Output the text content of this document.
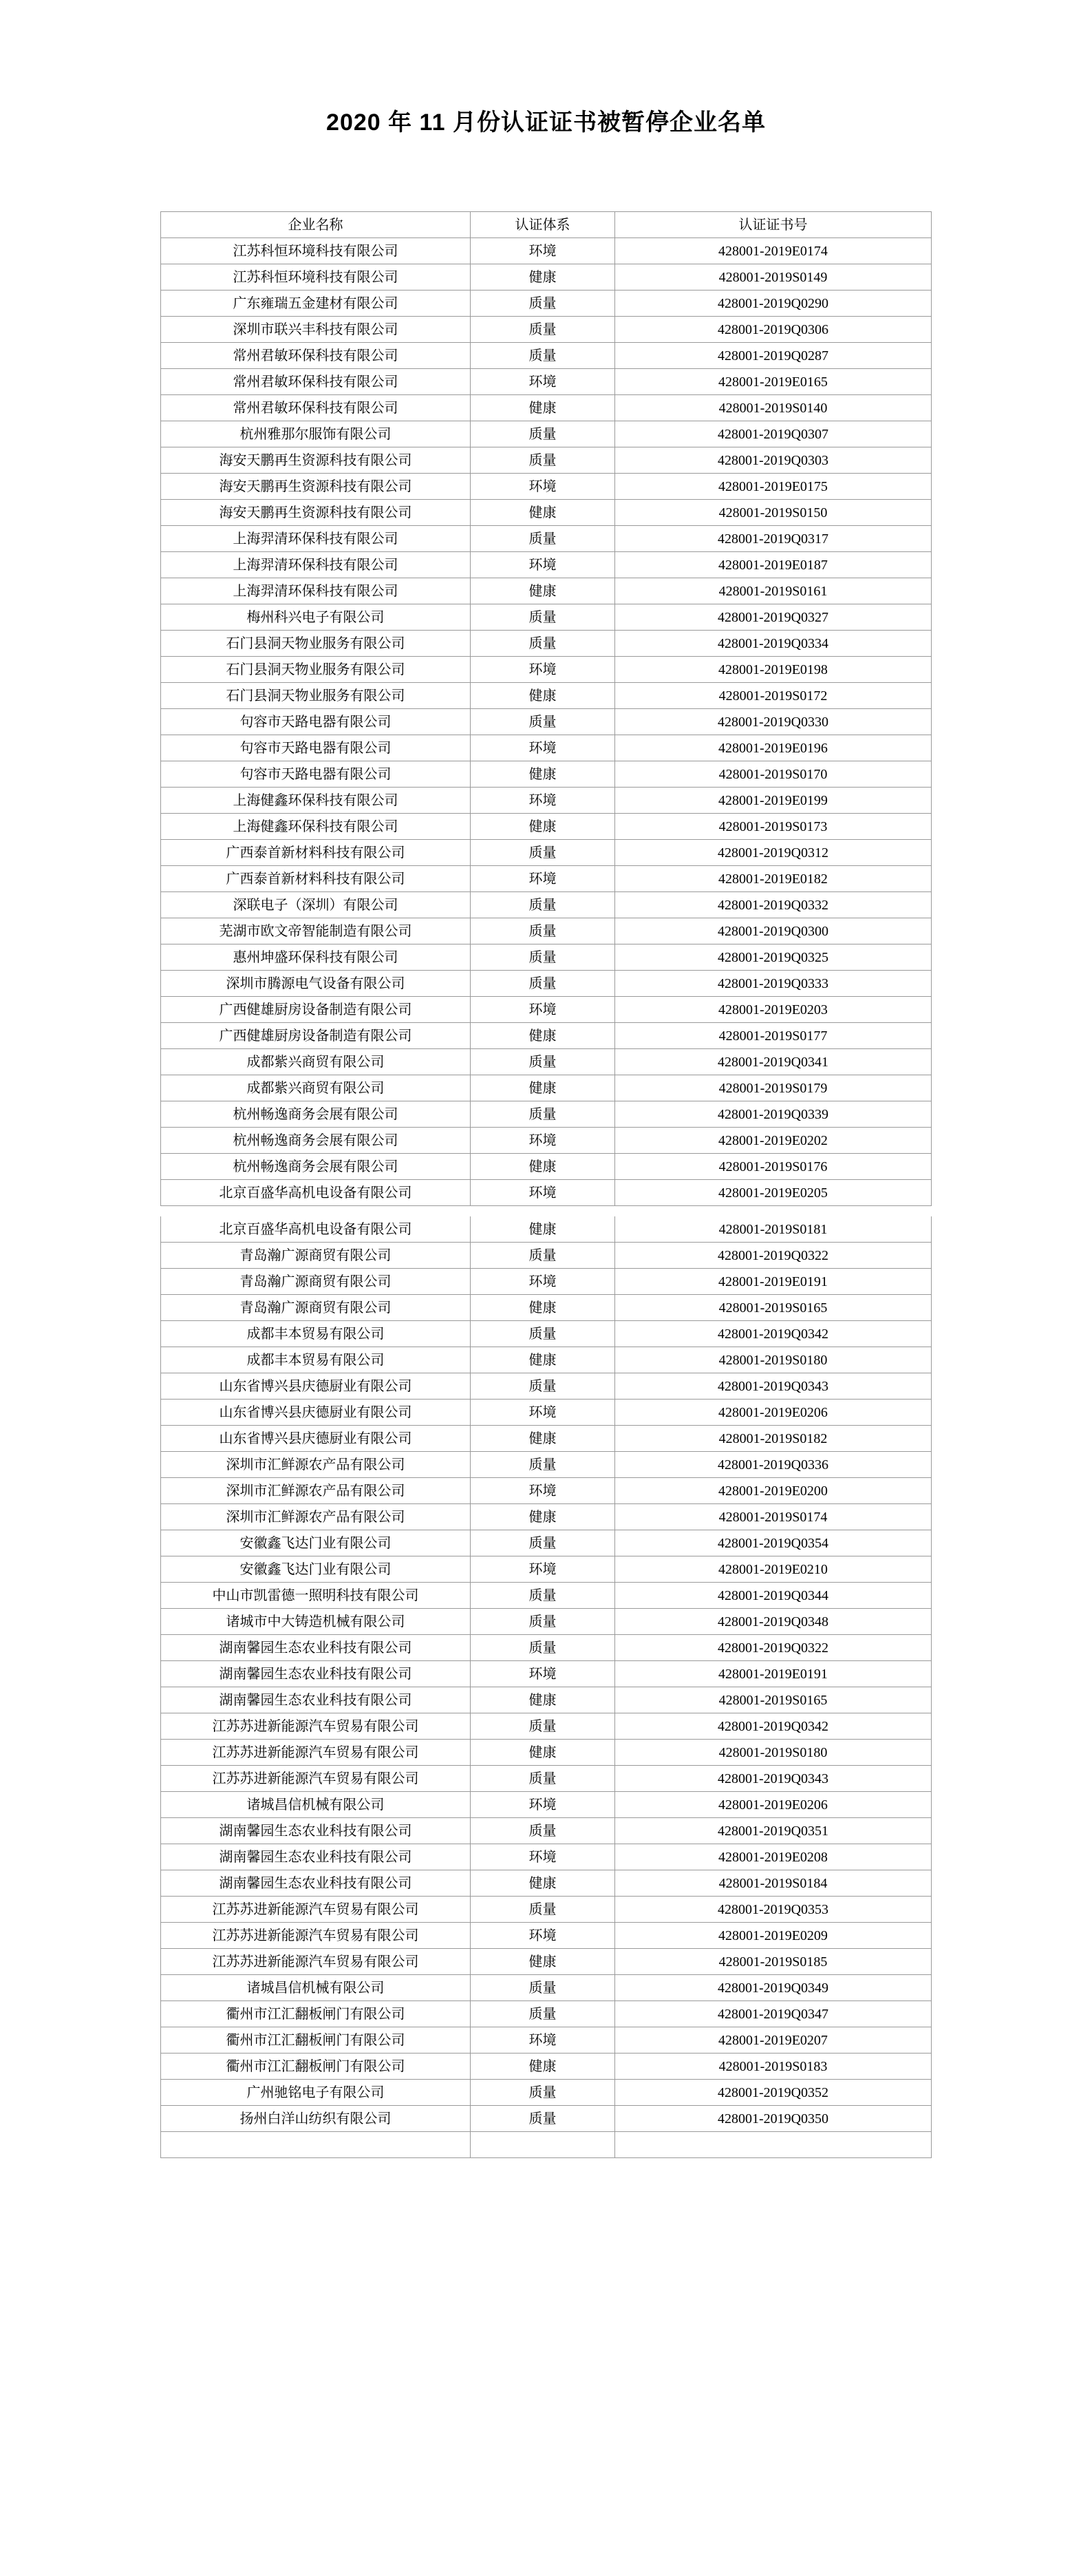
2020 年 11 月份认证证书被暂停企业名单
企业名称	认证体系	认证证书号
江苏科恒环境科技有限公司	环境	428001-2019E0174
江苏科恒环境科技有限公司	健康	428001-2019S0149
广东雍瑞五金建材有限公司	质量	428001-2019Q0290
深圳市联兴丰科技有限公司	质量	428001-2019Q0306
常州君敏环保科技有限公司	质量	428001-2019Q0287
常州君敏环保科技有限公司	环境	428001-2019E0165
常州君敏环保科技有限公司	健康	428001-2019S0140
杭州雅那尔服饰有限公司	质量	428001-2019Q0307
海安天鹏再生资源科技有限公司	质量	428001-2019Q0303
海安天鹏再生资源科技有限公司	环境	428001-2019E0175
海安天鹏再生资源科技有限公司	健康	428001-2019S0150
上海羿清环保科技有限公司	质量	428001-2019Q0317
上海羿清环保科技有限公司	环境	428001-2019E0187
上海羿清环保科技有限公司	健康	428001-2019S0161
梅州科兴电子有限公司	质量	428001-2019Q0327
石门县洞天物业服务有限公司	质量	428001-2019Q0334
石门县洞天物业服务有限公司	环境	428001-2019E0198
石门县洞天物业服务有限公司	健康	428001-2019S0172
句容市天路电器有限公司	质量	428001-2019Q0330
句容市天路电器有限公司	环境	428001-2019E0196
句容市天路电器有限公司	健康	428001-2019S0170
上海健鑫环保科技有限公司	环境	428001-2019E0199
上海健鑫环保科技有限公司	健康	428001-2019S0173
广西泰首新材料科技有限公司	质量	428001-2019Q0312
广西泰首新材料科技有限公司	环境	428001-2019E0182
深联电子（深圳）有限公司	质量	428001-2019Q0332
芜湖市欧文帝智能制造有限公司	质量	428001-2019Q0300
惠州坤盛环保科技有限公司	质量	428001-2019Q0325
深圳市腾源电气设备有限公司	质量	428001-2019Q0333
广西健雄厨房设备制造有限公司	环境	428001-2019E0203
广西健雄厨房设备制造有限公司	健康	428001-2019S0177
成都紫兴商贸有限公司	质量	428001-2019Q0341
成都紫兴商贸有限公司	健康	428001-2019S0179
杭州畅逸商务会展有限公司	质量	428001-2019Q0339
杭州畅逸商务会展有限公司	环境	428001-2019E0202
杭州畅逸商务会展有限公司	健康	428001-2019S0176
北京百盛华高机电设备有限公司	环境	428001-2019E0205

北京百盛华高机电设备有限公司	健康	428001-2019S0181
青岛瀚广源商贸有限公司	质量	428001-2019Q0322
青岛瀚广源商贸有限公司	环境	428001-2019E0191
青岛瀚广源商贸有限公司	健康	428001-2019S0165
成都丰本贸易有限公司	质量	428001-2019Q0342
成都丰本贸易有限公司	健康	428001-2019S0180
山东省博兴县庆德厨业有限公司	质量	428001-2019Q0343
山东省博兴县庆德厨业有限公司	环境	428001-2019E0206
山东省博兴县庆德厨业有限公司	健康	428001-2019S0182
深圳市汇鲜源农产品有限公司	质量	428001-2019Q0336
深圳市汇鲜源农产品有限公司	环境	428001-2019E0200
深圳市汇鲜源农产品有限公司	健康	428001-2019S0174
安徽鑫飞达门业有限公司	质量	428001-2019Q0354
安徽鑫飞达门业有限公司	环境	428001-2019E0210
中山市凯雷德一照明科技有限公司	质量	428001-2019Q0344
诸城市中大铸造机械有限公司	质量	428001-2019Q0348
湖南馨园生态农业科技有限公司	质量	428001-2019Q0322
湖南馨园生态农业科技有限公司	环境	428001-2019E0191
湖南馨园生态农业科技有限公司	健康	428001-2019S0165
江苏苏进新能源汽车贸易有限公司	质量	428001-2019Q0342
江苏苏进新能源汽车贸易有限公司	健康	428001-2019S0180
江苏苏进新能源汽车贸易有限公司	质量	428001-2019Q0343
诸城昌信机械有限公司	环境	428001-2019E0206
湖南馨园生态农业科技有限公司	质量	428001-2019Q0351
湖南馨园生态农业科技有限公司	环境	428001-2019E0208
湖南馨园生态农业科技有限公司	健康	428001-2019S0184
江苏苏进新能源汽车贸易有限公司	质量	428001-2019Q0353
江苏苏进新能源汽车贸易有限公司	环境	428001-2019E0209
江苏苏进新能源汽车贸易有限公司	健康	428001-2019S0185
诸城昌信机械有限公司	质量	428001-2019Q0349
衢州市江汇翻板闸门有限公司	质量	428001-2019Q0347
衢州市江汇翻板闸门有限公司	环境	428001-2019E0207
衢州市江汇翻板闸门有限公司	健康	428001-2019S0183
广州驰铭电子有限公司	质量	428001-2019Q0352
扬州白洋山纺织有限公司	质量	428001-2019Q0350
